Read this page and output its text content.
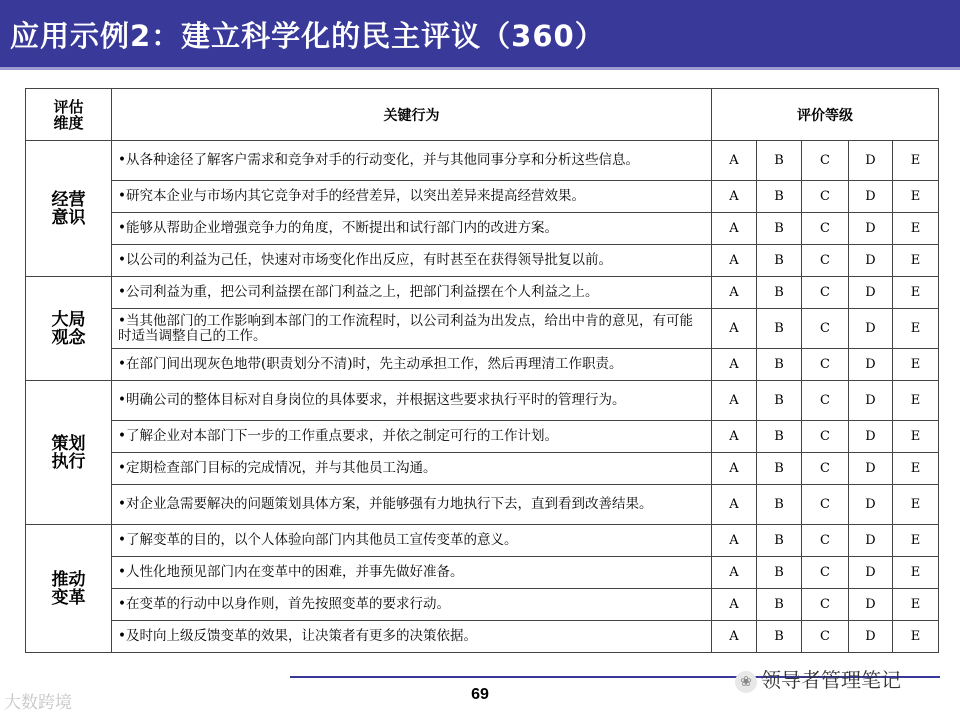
应用示例2：建立科学化的民主评议（360）
评估维度	关键行为	评价等级				
经营意识	•从各种途径了解客户需求和竞争对手的行动变化，并与其他同事分享和分析这些信息。	A	B	C	D	E
	•研究本企业与市场内其它竞争对手的经营差异，以突出差异来提高经营效果。	A	B	C	D	E
	•能够从帮助企业增强竞争力的角度，不断提出和试行部门内的改进方案。	A	B	C	D	E
	•以公司的利益为己任，快速对市场变化作出反应，有时甚至在获得领导批复以前。	A	B	C	D	E
大局观念	•公司利益为重，把公司利益摆在部门利益之上，把部门利益摆在个人利益之上。	A	B	C	D	E
	•当其他部门的工作影响到本部门的工作流程时，以公司利益为出发点，给出中肯的意见，有可能时适当调整自己的工作。	A	B	C	D	E
	•在部门间出现灰色地带(职责划分不清)时，先主动承担工作，然后再理清工作职责。	A	B	C	D	E
策划执行	•明确公司的整体目标对自身岗位的具体要求，并根据这些要求执行平时的管理行为。	A	B	C	D	E
	•了解企业对本部门下一步的工作重点要求，并依之制定可行的工作计划。	A	B	C	D	E
	•定期检查部门目标的完成情况，并与其他员工沟通。	A	B	C	D	E
	•对企业急需要解决的问题策划具体方案，并能够强有力地执行下去，直到看到改善结果。	A	B	C	D	E
推动变革	•了解变革的目的，以个人体验向部门内其他员工宣传变革的意义。	A	B	C	D	E
	•人性化地预见部门内在变革中的困难，并事先做好准备。	A	B	C	D	E
	•在变革的行动中以身作则，首先按照变革的要求行动。	A	B	C	D	E
	•及时向上级反馈变革的效果，让决策者有更多的决策依据。	A	B	C	D	E
69
大数跨境
❀ 领导者管理笔记
